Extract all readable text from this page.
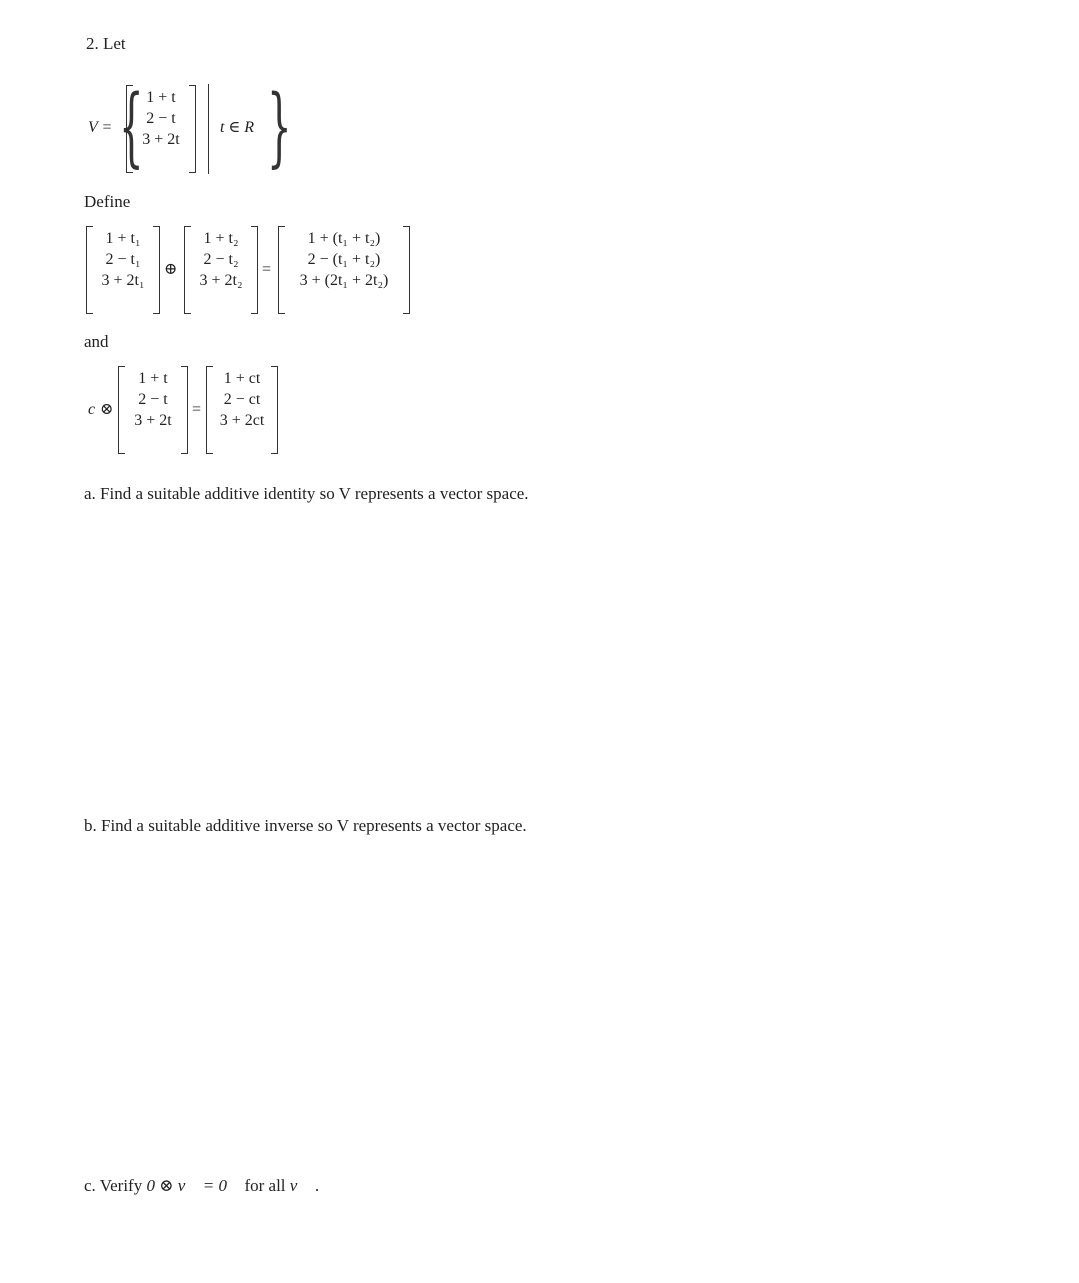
2. Let
V = { 1 + t
2 − t
3 + 2t
t ∈ R }
Define
1 + t₁
2 − t₁
3 + 2t₁
⊕
1 + t₂
2 − t₂
3 + 2t₂
=
1 + (t₁ + t₂)
2 − (t₁ + t₂)
3 + (2t₁ + 2t₂)
and
c ⊗
1 + t
2 − t
3 + 2t
=
1 + ct
2 − ct
3 + 2ct
a. Find a suitable additive identity so V represents a vector space.
b. Find a suitable additive inverse so V represents a vector space.
c. Verify 0 ⊗ v⃗ = 0⃗ for all v⃗ .
